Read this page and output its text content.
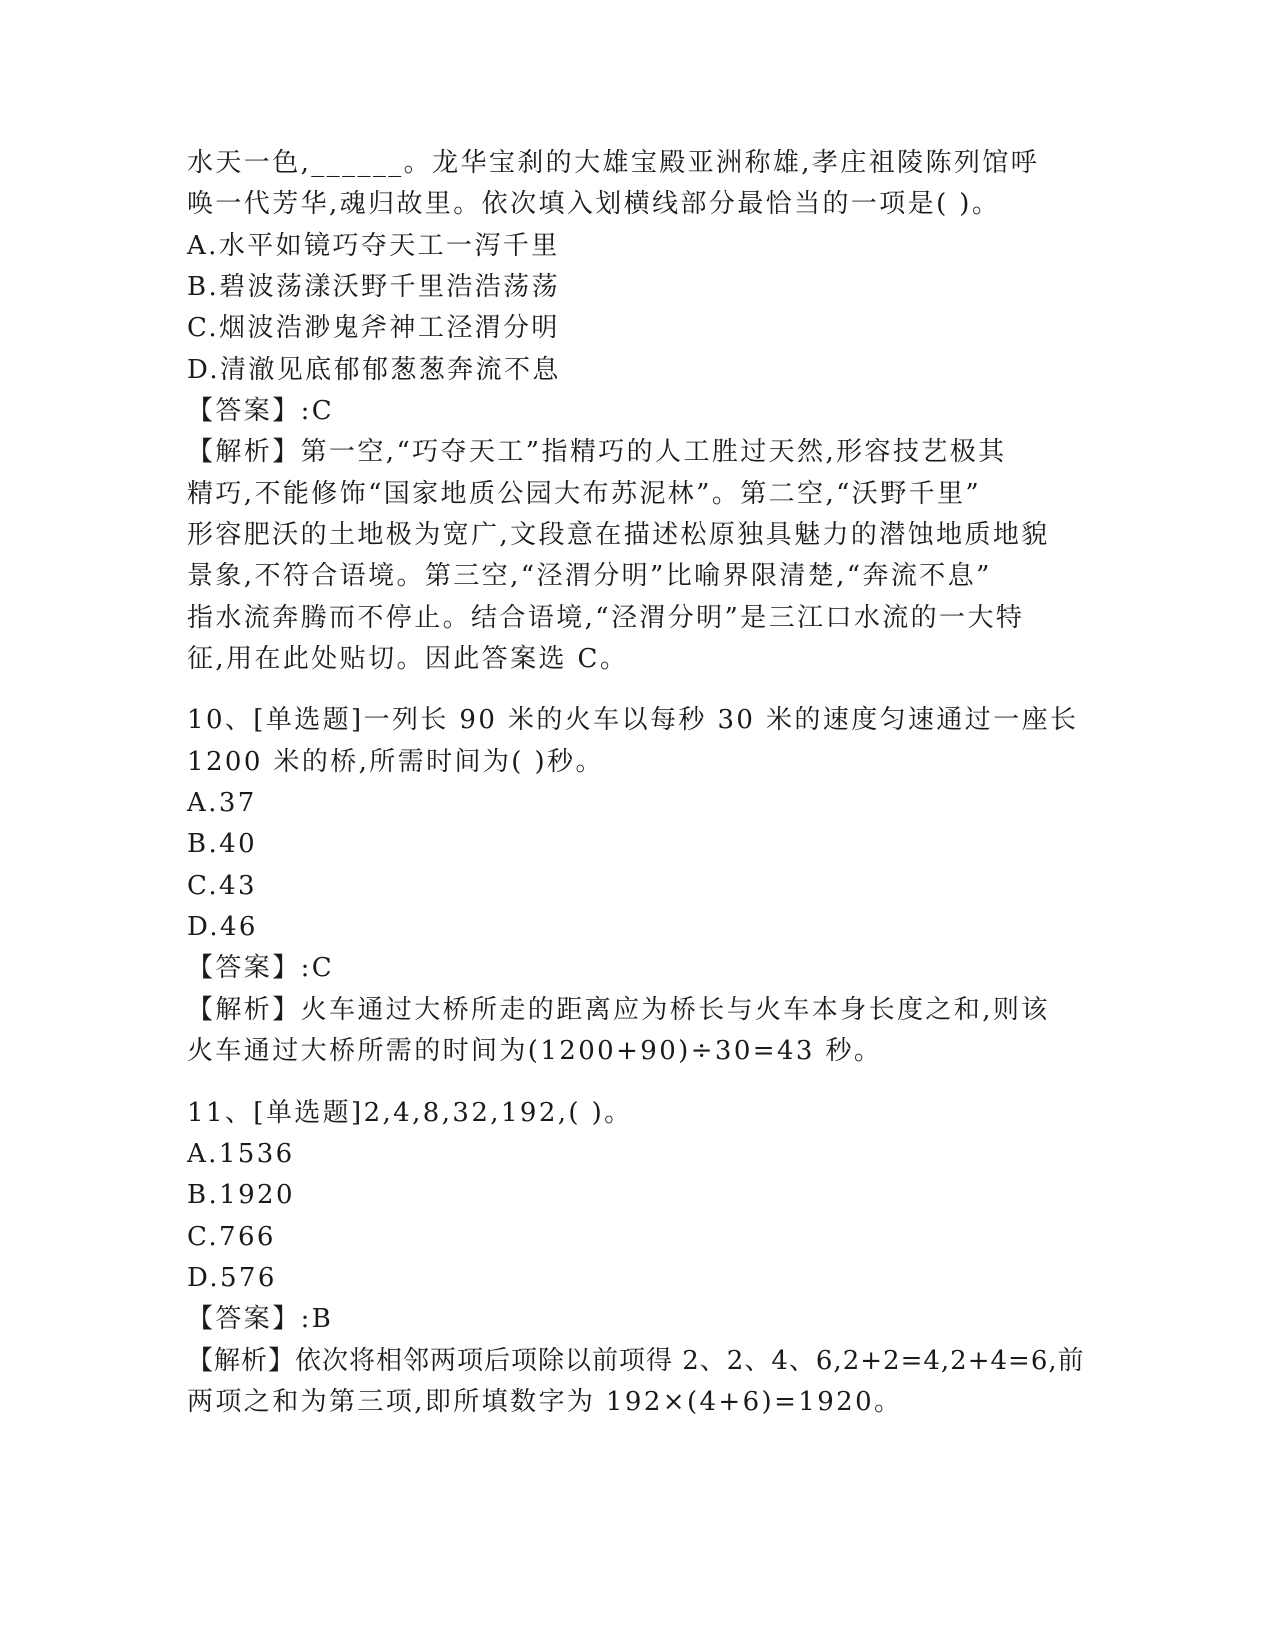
水天一色,______。龙华宝刹的大雄宝殿亚洲称雄,孝庄祖陵陈列馆呼
唤一代芳华,魂归故里。依次填入划横线部分最恰当的一项是( )。
A.水平如镜巧夺天工一泻千里
B.碧波荡漾沃野千里浩浩荡荡
C.烟波浩渺鬼斧神工泾渭分明
D.清澈见底郁郁葱葱奔流不息
【答案】:C
【解析】第一空,“巧夺天工”指精巧的人工胜过天然,形容技艺极其
精巧,不能修饰“国家地质公园大布苏泥林”。第二空,“沃野千里”
形容肥沃的土地极为宽广,文段意在描述松原独具魅力的潜蚀地质地貌
景象,不符合语境。第三空,“泾渭分明”比喻界限清楚,“奔流不息”
指水流奔腾而不停止。结合语境,“泾渭分明”是三江口水流的一大特
征,用在此处贴切。因此答案选 C。
10、[单选题]一列长 90 米的火车以每秒 30 米的速度匀速通过一座长
1200 米的桥,所需时间为( )秒。
A.37
B.40
C.43
D.46
【答案】:C
【解析】火车通过大桥所走的距离应为桥长与火车本身长度之和,则该
火车通过大桥所需的时间为(1200+90)÷30=43 秒。
11、[单选题]2,4,8,32,192,( )。
A.1536
B.1920
C.766
D.576
【答案】:B
【解析】依次将相邻两项后项除以前项得 2、2、4、6,2+2=4,2+4=6,前
两项之和为第三项,即所填数字为 192×(4+6)=1920。
